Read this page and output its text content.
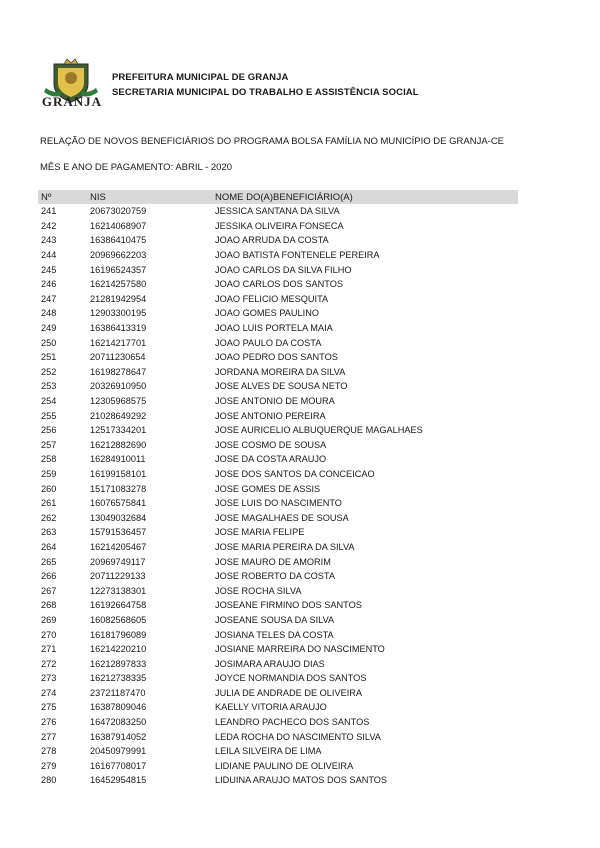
GRANJA
PREFEITURA MUNICIPAL DE GRANJA
SECRETARIA MUNICIPAL DO TRABALHO E ASSISTÊNCIA SOCIAL
RELAÇÃO DE NOVOS BENEFICIÁRIOS DO PROGRAMA BOLSA FAMÍLIA NO MUNICÍPIO DE GRANJA-CE
MÊS E ANO DE PAGAMENTO: ABRIL - 2020
Nº	NIS	NOME DO(A)BENEFICIÁRIO(A)
241	20673020759	JESSICA SANTANA DA SILVA
242	16214068907	JESSIKA OLIVEIRA FONSECA
243	16386410475	JOAO ARRUDA DA COSTA
244	20969662203	JOAO BATISTA FONTENELE PEREIRA
245	16196524357	JOAO CARLOS DA SILVA FILHO
246	16214257580	JOAO CARLOS DOS SANTOS
247	21281942954	JOAO FELICIO MESQUITA
248	12903300195	JOAO GOMES PAULINO
249	16386413319	JOAO LUIS PORTELA MAIA
250	16214217701	JOAO PAULO DA COSTA
251	20711230654	JOAO PEDRO DOS SANTOS
252	16198278647	JORDANA MOREIRA DA SILVA
253	20326910950	JOSE ALVES DE SOUSA NETO
254	12305968575	JOSE ANTONIO DE MOURA
255	21028649292	JOSE ANTONIO PEREIRA
256	12517334201	JOSE AURICELIO ALBUQUERQUE MAGALHAES
257	16212882690	JOSE COSMO DE SOUSA
258	16284910011	JOSE DA COSTA ARAUJO
259	16199158101	JOSE DOS SANTOS DA CONCEICAO
260	15171083278	JOSE GOMES DE ASSIS
261	16076575841	JOSE LUIS DO NASCIMENTO
262	13049032684	JOSE MAGALHAES DE SOUSA
263	15791536457	JOSE MARIA FELIPE
264	16214205467	JOSE MARIA PEREIRA DA SILVA
265	20969749117	JOSE MAURO DE AMORIM
266	20711229133	JOSE ROBERTO DA COSTA
267	12273138301	JOSE ROCHA SILVA
268	16192664758	JOSEANE FIRMINO DOS SANTOS
269	16082568605	JOSEANE SOUSA DA SILVA
270	16181796089	JOSIANA TELES DA COSTA
271	16214220210	JOSIANE MARREIRA DO NASCIMENTO
272	16212897833	JOSIMARA ARAUJO DIAS
273	16212738335	JOYCE NORMANDIA DOS SANTOS
274	23721187470	JULIA DE ANDRADE DE OLIVEIRA
275	16387809046	KAELLY VITORIA ARAUJO
276	16472083250	LEANDRO PACHECO DOS SANTOS
277	16387914052	LEDA ROCHA DO NASCIMENTO SILVA
278	20450979991	LEILA SILVEIRA DE LIMA
279	16167708017	LIDIANE PAULINO DE OLIVEIRA
280	16452954815	LIDUINA ARAUJO MATOS DOS SANTOS
